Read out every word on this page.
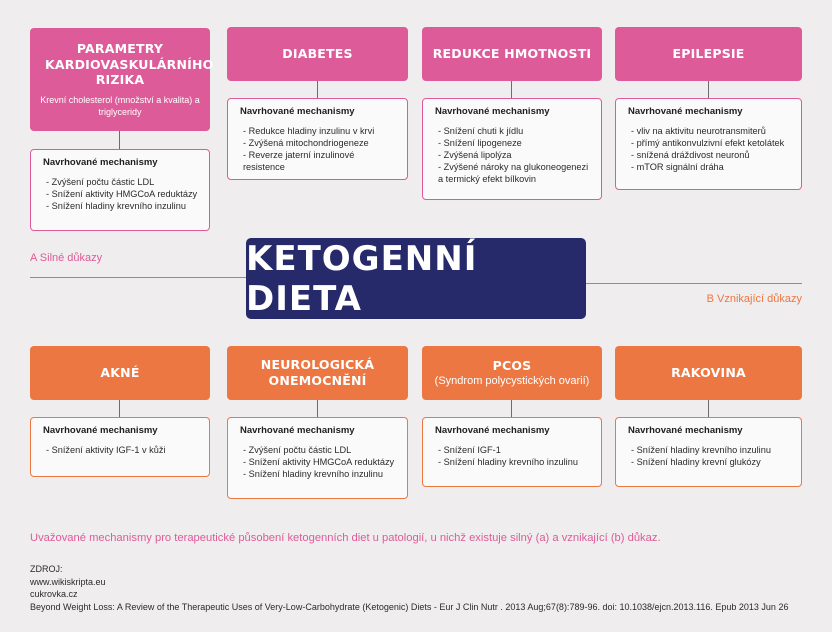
PARAMETRY KARDIOVASKULÁRNÍHO RIZIKA
Krevní cholesterol (množství a kvalita) a triglyceridy
Navrhované mechanismy
- Zvýšení počtu částic LDL
- Snížení aktivity HMGCoA reduktázy
- Snížení hladiny krevního inzulinu
DIABETES
Navrhované mechanismy
- Redukce hladiny inzulinu v krvi
- Zvýšená mitochondriogeneze
- Reverze jaterní inzulinové resistence
REDUKCE HMOTNOSTI
Navrhované mechanismy
- Snížení chuti k jídlu
- Snížení lipogeneze
- Zvýšená lipolýza
- Zvýšené nároky na glukoneogenezi
a termický efekt bílkovin
EPILEPSIE
Navrhované mechanismy
- vliv na aktivitu neurotransmiterů
- přímý antikonvulzivní efekt ketolátek
- snížená dráždivost neuronů
- mTOR signální dráha
A Silné důkazy	KETOGENNÍ DIETA	B Vznikající důkazy
AKNÉ
Navrhované mechanismy
- Snížení aktivity IGF-1 v kůži
NEUROLOGICKÁ ONEMOCNĚNÍ
Navrhované mechanismy
- Zvýšení počtu částic LDL
- Snížení aktivity HMGCoA reduktázy
- Snížení hladiny krevního inzulinu
PCOS
(Syndrom polycystických ovarií)
Navrhované mechanismy
- Snížení IGF-1
- Snížení hladiny krevního inzulinu
RAKOVINA
Navrhované mechanismy
- Snížení hladiny krevního inzulinu
- Snížení hladiny krevní glukózy
Uvažované mechanismy pro terapeutické působení ketogenních diet u patologií, u nichž existuje silný (a) a vznikající (b) důkaz.
ZDROJ:
www.wikiskripta.eu
cukrovka.cz
Beyond Weight Loss: A Review of the Therapeutic Uses of Very-Low-Carbohydrate (Ketogenic) Diets - Eur J Clin Nutr . 2013 Aug;67(8):789-96. doi: 10.1038/ejcn.2013.116. Epub 2013 Jun 26
